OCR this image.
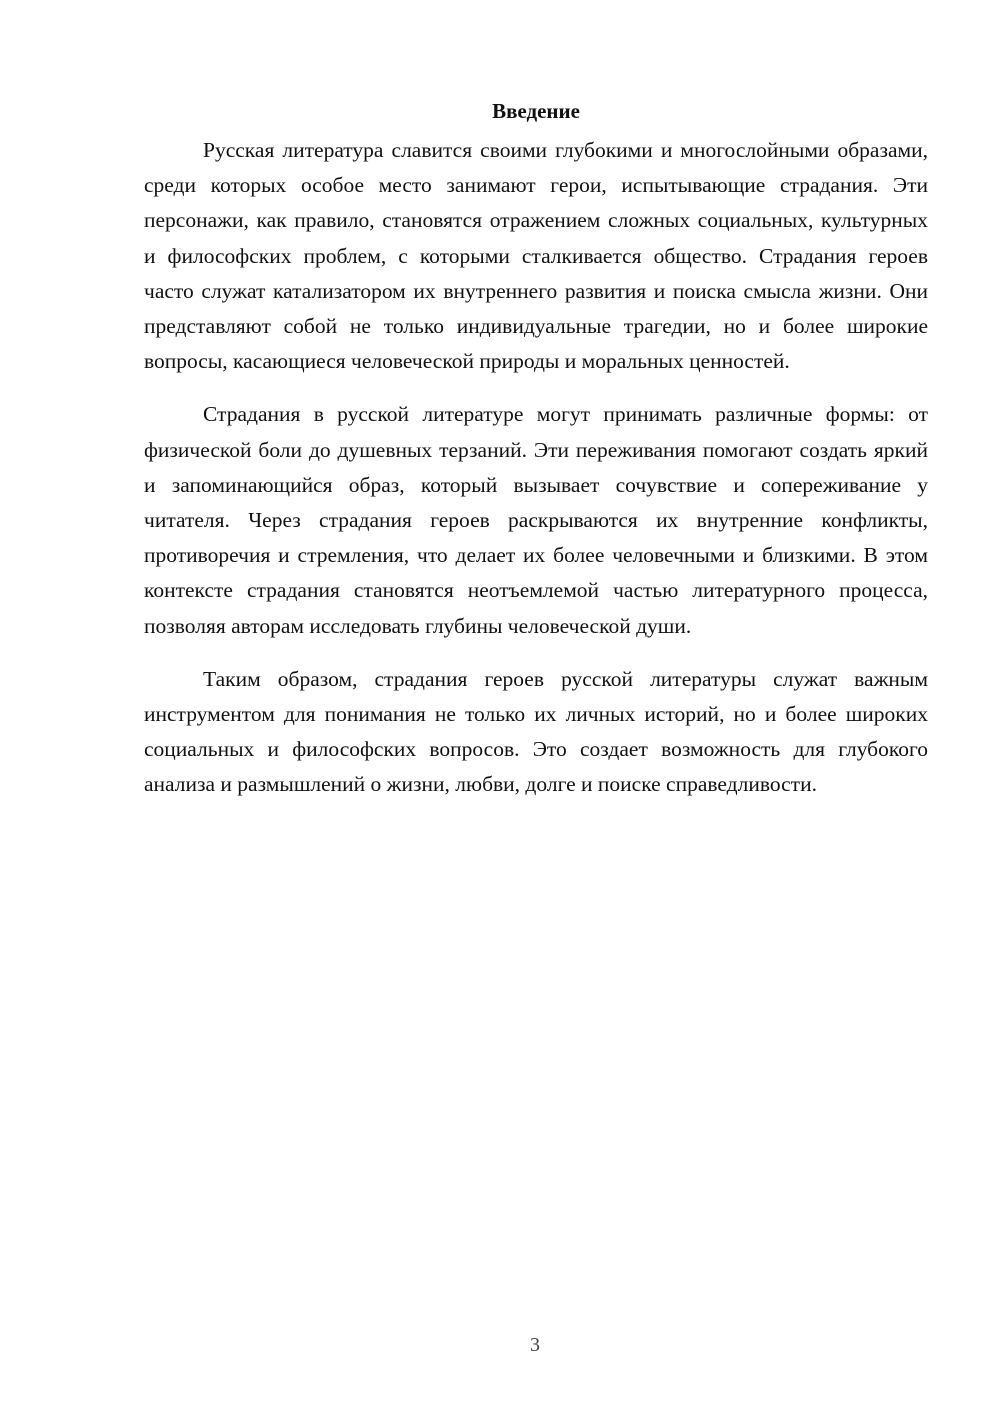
Введение

Русская литература славится своими глубокими и многослойными образами, среди которых особое место занимают герои, испытывающие страдания. Эти персонажи, как правило, становятся отражением сложных социальных, культурных и философских проблем, с которыми сталкивается общество. Страдания героев часто служат катализатором их внутреннего развития и поиска смысла жизни. Они представляют собой не только индивидуальные трагедии, но и более широкие вопросы, касающиеся человеческой природы и моральных ценностей.

Страдания в русской литературе могут принимать различные формы: от физической боли до душевных терзаний. Эти переживания помогают создать яркий и запоминающийся образ, который вызывает сочувствие и сопереживание у читателя. Через страдания героев раскрываются их внутренние конфликты, противоречия и стремления, что делает их более человечными и близкими. В этом контексте страдания становятся неотъемлемой частью литературного процесса, позволяя авторам исследовать глубины человеческой души.

Таким образом, страдания героев русской литературы служат важным инструментом для понимания не только их личных историй, но и более широких социальных и философских вопросов. Это создает возможность для глубокого анализа и размышлений о жизни, любви, долге и поиске справедливости.

3
